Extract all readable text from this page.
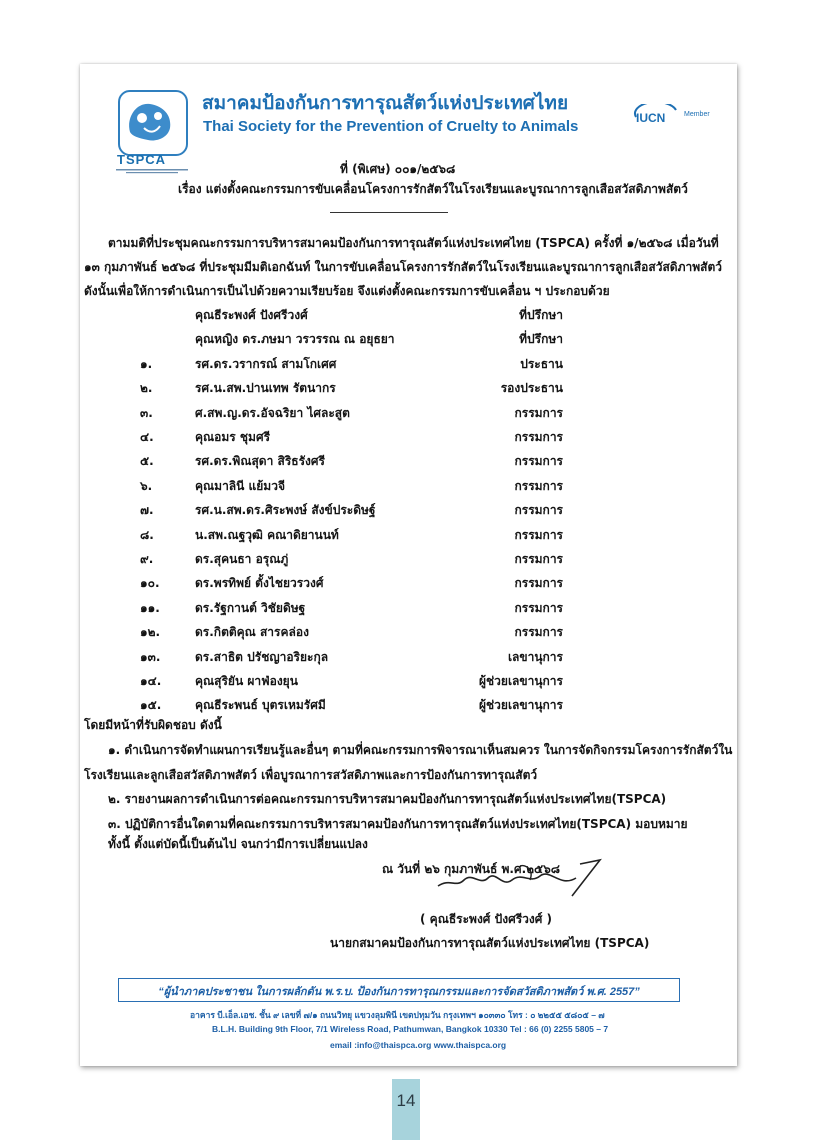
TSPCA
สมาคมป้องกันการทารุณสัตว์แห่งประเทศไทย
Thai Society for the Prevention of Cruelty to Animals	IUCN	Member
ที่ (พิเศษ) ๐๐๑/๒๕๖๘
เรื่อง แต่งตั้งคณะกรรมการขับเคลื่อนโครงการรักสัตว์ในโรงเรียนและบูรณาการลูกเสือสวัสดิภาพสัตว์
ตามมติที่ประชุมคณะกรรมการบริหารสมาคมป้องกันการทารุณสัตว์แห่งประเทศไทย (TSPCA) ครั้งที่ ๑/๒๕๖๘ เมื่อวันที่
๑๓ กุมภาพันธ์ ๒๕๖๘ ที่ประชุมมีมติเอกฉันท์ ในการขับเคลื่อนโครงการรักสัตว์ในโรงเรียนและบูรณาการลูกเสือสวัสดิภาพสัตว์
ดังนั้นเพื่อให้การดำเนินการเป็นไปด้วยความเรียบร้อย จึงแต่งตั้งคณะกรรมการขับเคลื่อน ฯ ประกอบด้วย
คุณธีระพงศ์ ปังศรีวงศ์	ที่ปรึกษา
คุณหญิง ดร.ภษมา วรวรรณ ณ อยุธยา	ที่ปรึกษา
๑.	รศ.ดร.วรากรณ์ สามโกเศศ	ประธาน
๒.	รศ.น.สพ.ปานเทพ รัตนากร	รองประธาน
๓.	ศ.สพ.ญ.ดร.อัจฉริยา ไศละสูต	กรรมการ
๔.	คุณอมร ชุมศรี	กรรมการ
๕.	รศ.ดร.พิณสุดา สิริธรังศรี	กรรมการ
๖.	คุณมาลินี แย้มวจี	กรรมการ
๗.	รศ.น.สพ.ดร.ศิระพงษ์ สังข์ประดิษฐ์	กรรมการ
๘.	น.สพ.ณฐวุฒิ คณาดิยานนท์	กรรมการ
๙.	ดร.สุคนธา อรุณภู่	กรรมการ
๑๐.	ดร.พรทิพย์ ตั้งไชยวรวงศ์	กรรมการ
๑๑.	ดร.รัฐกานต์ วิชัยดิษฐ	กรรมการ
๑๒.	ดร.กิตติคุณ สารคล่อง	กรรมการ
๑๓.	ดร.สาธิต ปรัชญาอริยะกุล	เลขานุการ
๑๔.	คุณสุริยัน ผาฟ่องยุน	ผู้ช่วยเลขานุการ
๑๕.	คุณธีระพนธ์ บุตรเหมรัศมี	ผู้ช่วยเลขานุการ
โดยมีหน้าที่รับผิดชอบ ดังนี้
๑. ดำเนินการจัดทำแผนการเรียนรู้และอื่นๆ ตามที่คณะกรรมการพิจารณาเห็นสมควร ในการจัดกิจกรรมโครงการรักสัตว์ใน
โรงเรียนและลูกเสือสวัสดิภาพสัตว์ เพื่อบูรณาการสวัสดิภาพและการป้องกันการทารุณสัตว์
๒. รายงานผลการดำเนินการต่อคณะกรรมการบริหารสมาคมป้องกันการทารุณสัตว์แห่งประเทศไทย(TSPCA)
๓. ปฏิบัติการอื่นใดตามที่คณะกรรมการบริหารสมาคมป้องกันการทารุณสัตว์แห่งประเทศไทย(TSPCA) มอบหมาย
ทั้งนี้ ตั้งแต่บัดนี้เป็นต้นไป จนกว่ามีการเปลี่ยนแปลง
ณ วันที่ ๒๖ กุมภาพันธ์ พ.ศ.๒๕๖๘
( คุณธีระพงศ์ ปังศรีวงศ์ )
นายกสมาคมป้องกันการทารุณสัตว์แห่งประเทศไทย (TSPCA)
“ผู้นำภาคประชาชน ในการผลักดัน พ.ร.บ. ป้องกันการทารุณกรรมและการจัดสวัสดิภาพสัตว์ พ.ศ. 2557”
อาคาร บี.เอ็ล.เอช. ชั้น ๙ เลขที่ ๗/๑ ถนนวิทยุ แขวงลุมพินี เขตปทุมวัน กรุงเทพฯ ๑๐๓๓๐ โทร : ๐ ๒๒๕๕ ๕๘๐๕ – ๗
B.L.H. Building 9th Floor, 7/1 Wireless Road, Pathumwan, Bangkok 10330 Tel : 66 (0) 2255 5805 – 7
email :info@thaispca.org www.thaispca.org
14
